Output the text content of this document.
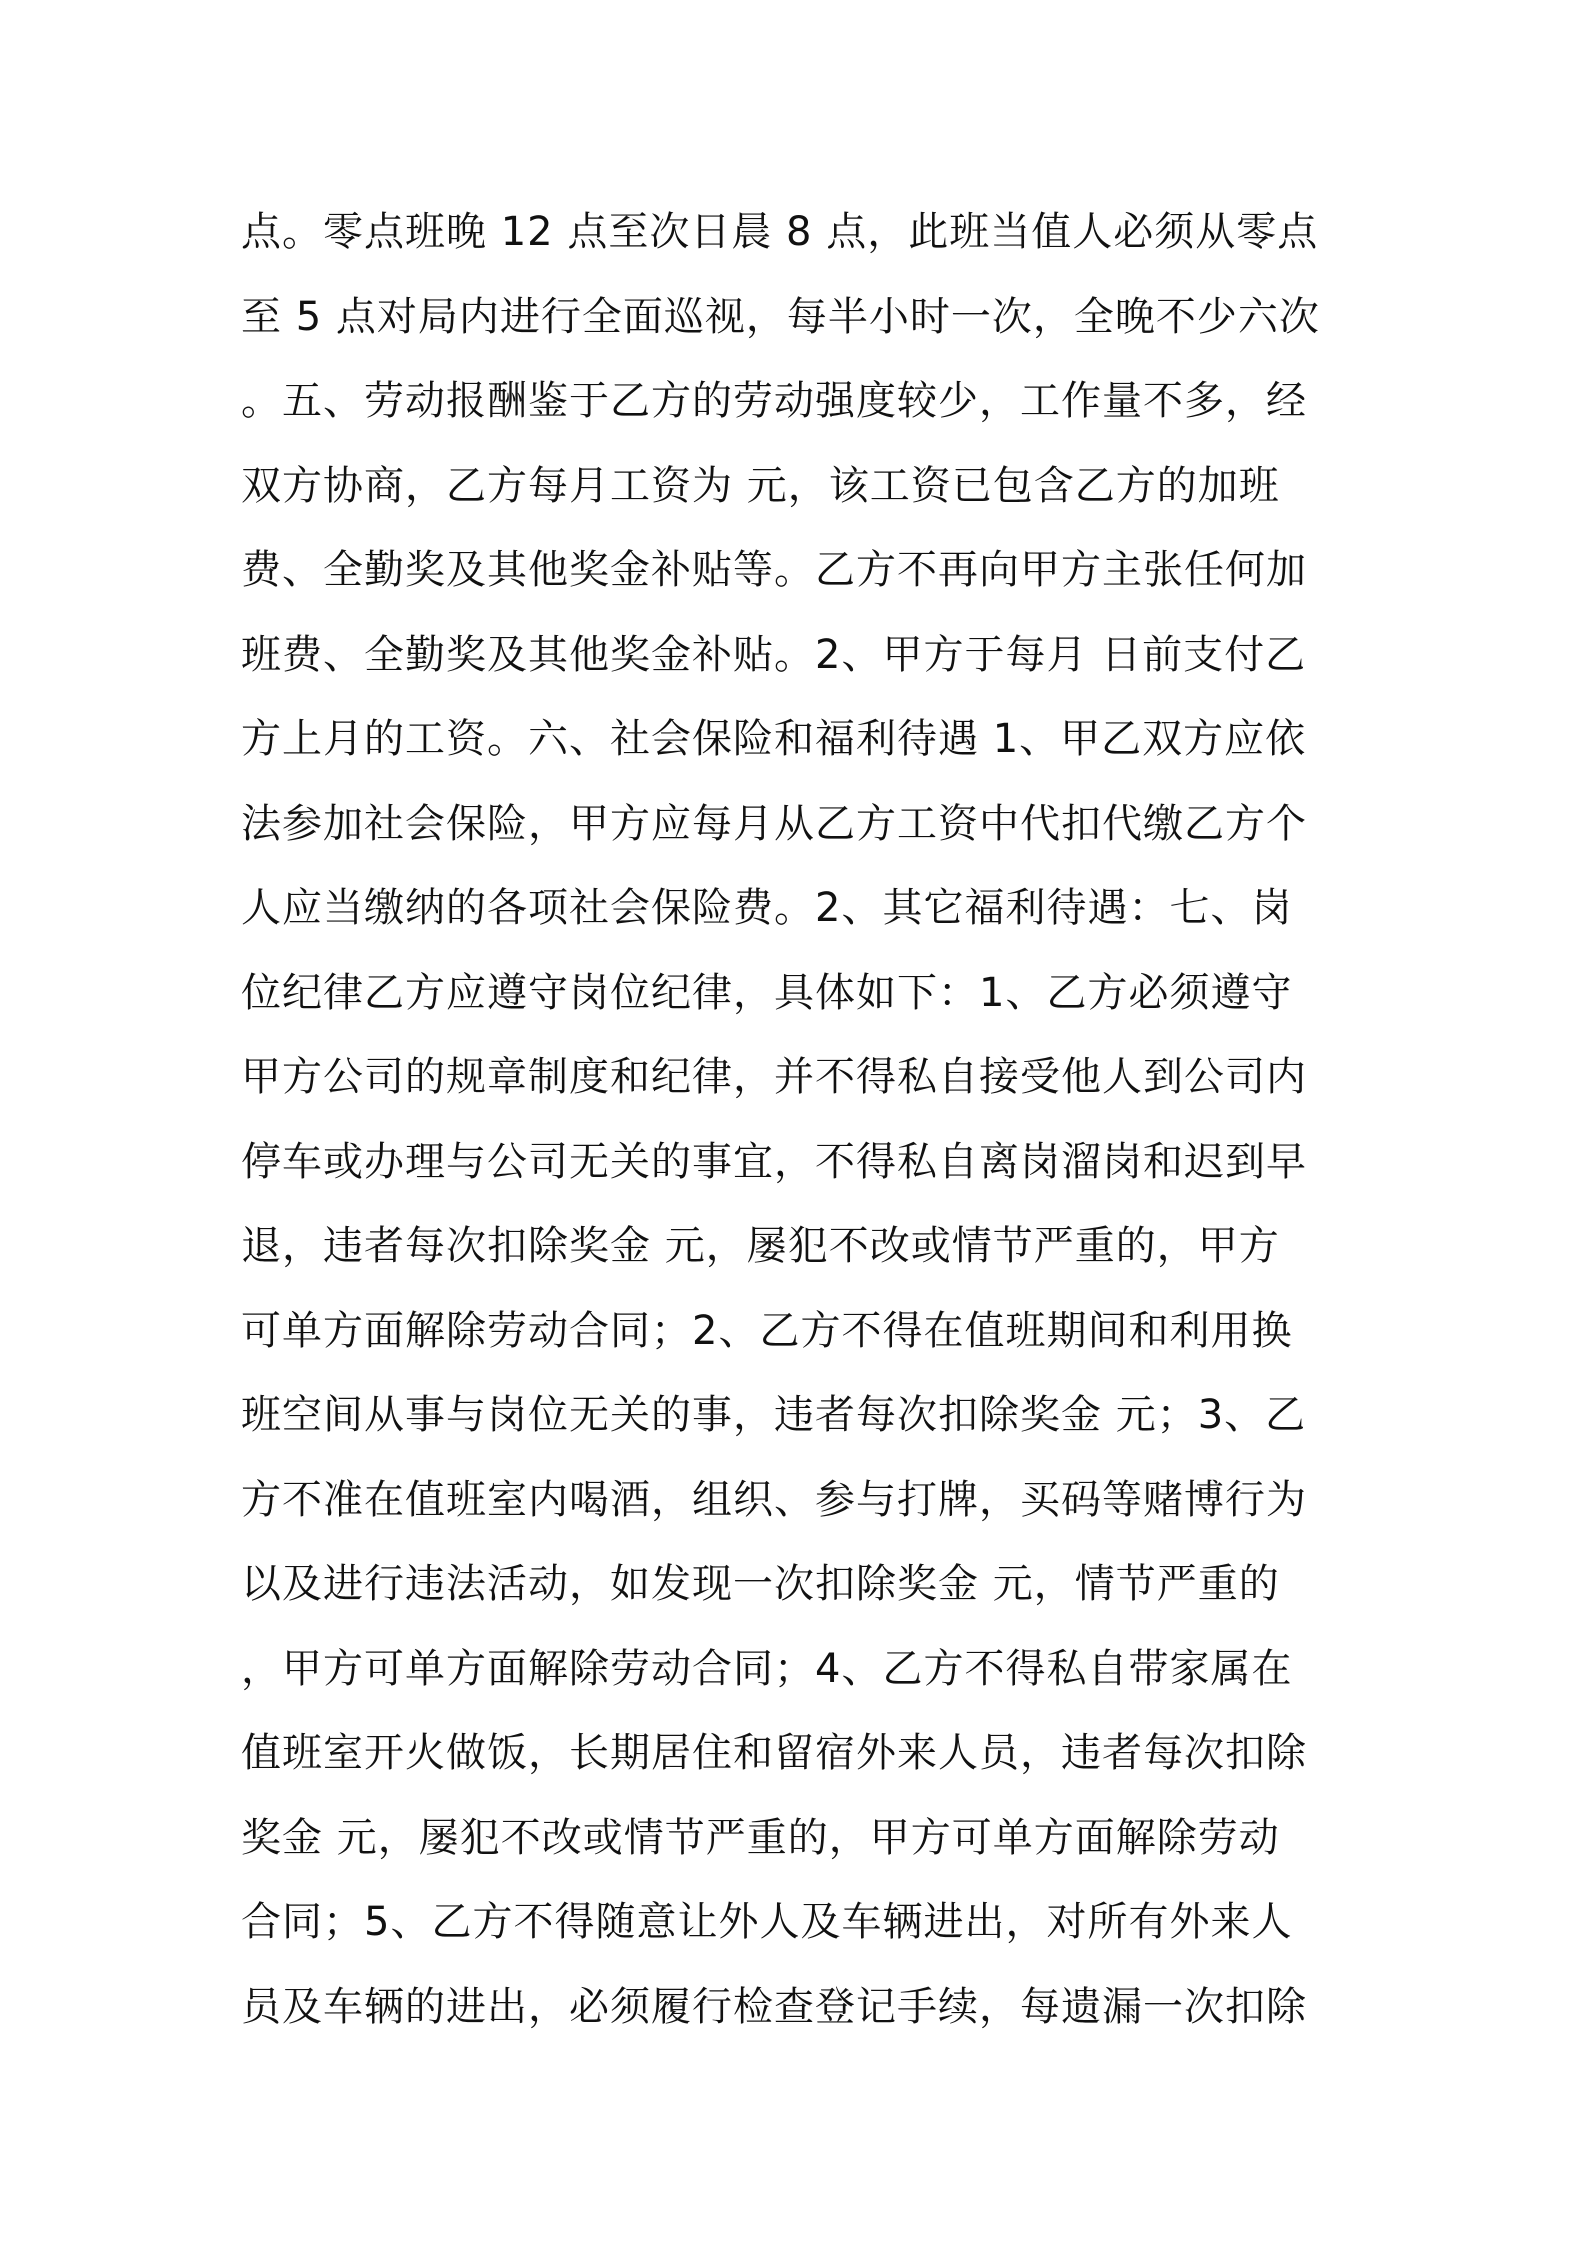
点。零点班晚 12 点至次日晨 8 点，此班当值人必须从零点
至 5 点对局内进行全面巡视，每半小时一次，全晚不少六次
。五、劳动报酬鉴于乙方的劳动强度较少，工作量不多，经
双方协商，乙方每月工资为 元，该工资已包含乙方的加班
费、全勤奖及其他奖金补贴等。乙方不再向甲方主张任何加
班费、全勤奖及其他奖金补贴。2、甲方于每月 日前支付乙
方上月的工资。六、社会保险和福利待遇 1、甲乙双方应依
法参加社会保险，甲方应每月从乙方工资中代扣代缴乙方个
人应当缴纳的各项社会保险费。2、其它福利待遇：七、岗
位纪律乙方应遵守岗位纪律，具体如下：1、乙方必须遵守
甲方公司的规章制度和纪律，并不得私自接受他人到公司内
停车或办理与公司无关的事宜，不得私自离岗溜岗和迟到早
退，违者每次扣除奖金 元，屡犯不改或情节严重的，甲方
可单方面解除劳动合同；2、乙方不得在值班期间和利用换
班空间从事与岗位无关的事，违者每次扣除奖金 元；3、乙
方不准在值班室内喝酒，组织、参与打牌，买码等赌博行为
以及进行违法活动，如发现一次扣除奖金 元，情节严重的
，甲方可单方面解除劳动合同；4、乙方不得私自带家属在
值班室开火做饭，长期居住和留宿外来人员，违者每次扣除
奖金 元，屡犯不改或情节严重的，甲方可单方面解除劳动
合同；5、乙方不得随意让外人及车辆进出，对所有外来人
员及车辆的进出，必须履行检查登记手续，每遗漏一次扣除
